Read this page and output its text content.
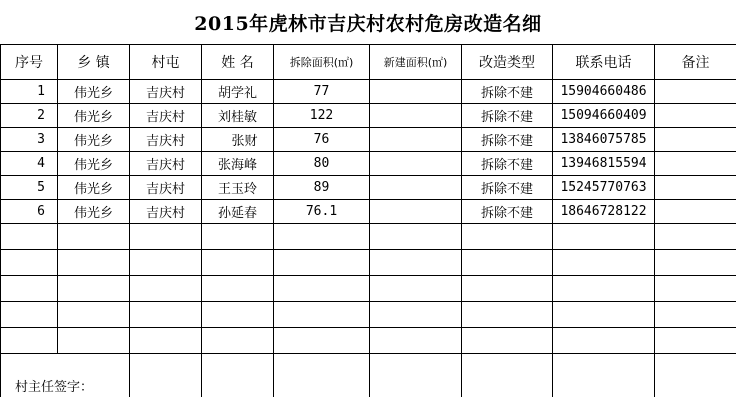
2015年虎林市吉庆村农村危房改造名细
序号	乡 镇	村屯	姓 名	拆除面积(㎡)	新建面积(㎡)	改造类型	联系电话	备注
1	伟光乡	吉庆村	胡学礼	77		拆除不建	15904660486	
2	伟光乡	吉庆村	刘桂敏	122		拆除不建	15094660409	
3	伟光乡	吉庆村	张财	76		拆除不建	13846075785	
4	伟光乡	吉庆村	张海峰	80		拆除不建	13946815594	
5	伟光乡	吉庆村	王玉玲	89		拆除不建	15245770763	
6	伟光乡	吉庆村	孙延春	76.1		拆除不建	18646728122	

村主任签字：								
